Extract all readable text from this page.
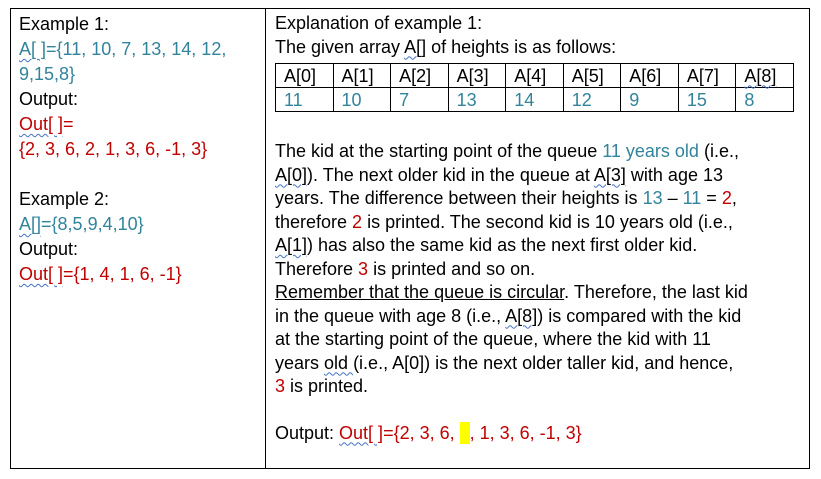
Example 1:
A[ ]={11, 10, 7, 13, 14, 12,
9,15,8}
Output:
Out[ ]=
{2, 3, 6, 2, 1, 3, 6, -1, 3}
Example 2:
A[]={8,5,9,4,10}
Output:
Out[ ]={1, 4, 1, 6, -1}
Explanation of example 1:
The given array A[] of heights is as follows:
A[0]	A[1]	A[2]	A[3]	A[4]	A[5]	A[6]	A[7]	A[8]
11	10	7	13	14	12	9	15	8
The kid at the starting point of the queue 11 years old (i.e.,
A[0]). The next older kid in the queue at A[3] with age 13
years. The difference between their heights is 13 – 11 = 2,
therefore 2 is printed. The second kid is 10 years old (i.e.,
A[1]) has also the same kid as the next first older kid.
Therefore 3 is printed and so on.
Remember that the queue is circular. Therefore, the last kid
in the queue with age 8 (i.e., A[8]) is compared with the kid
at the starting point of the queue, where the kid with 11
years old (i.e., A[0]) is the next older taller kid, and hence,
3 is printed.
Output: Out[ ]={2, 3, 6, , 1, 3, 6, -1, 3}
